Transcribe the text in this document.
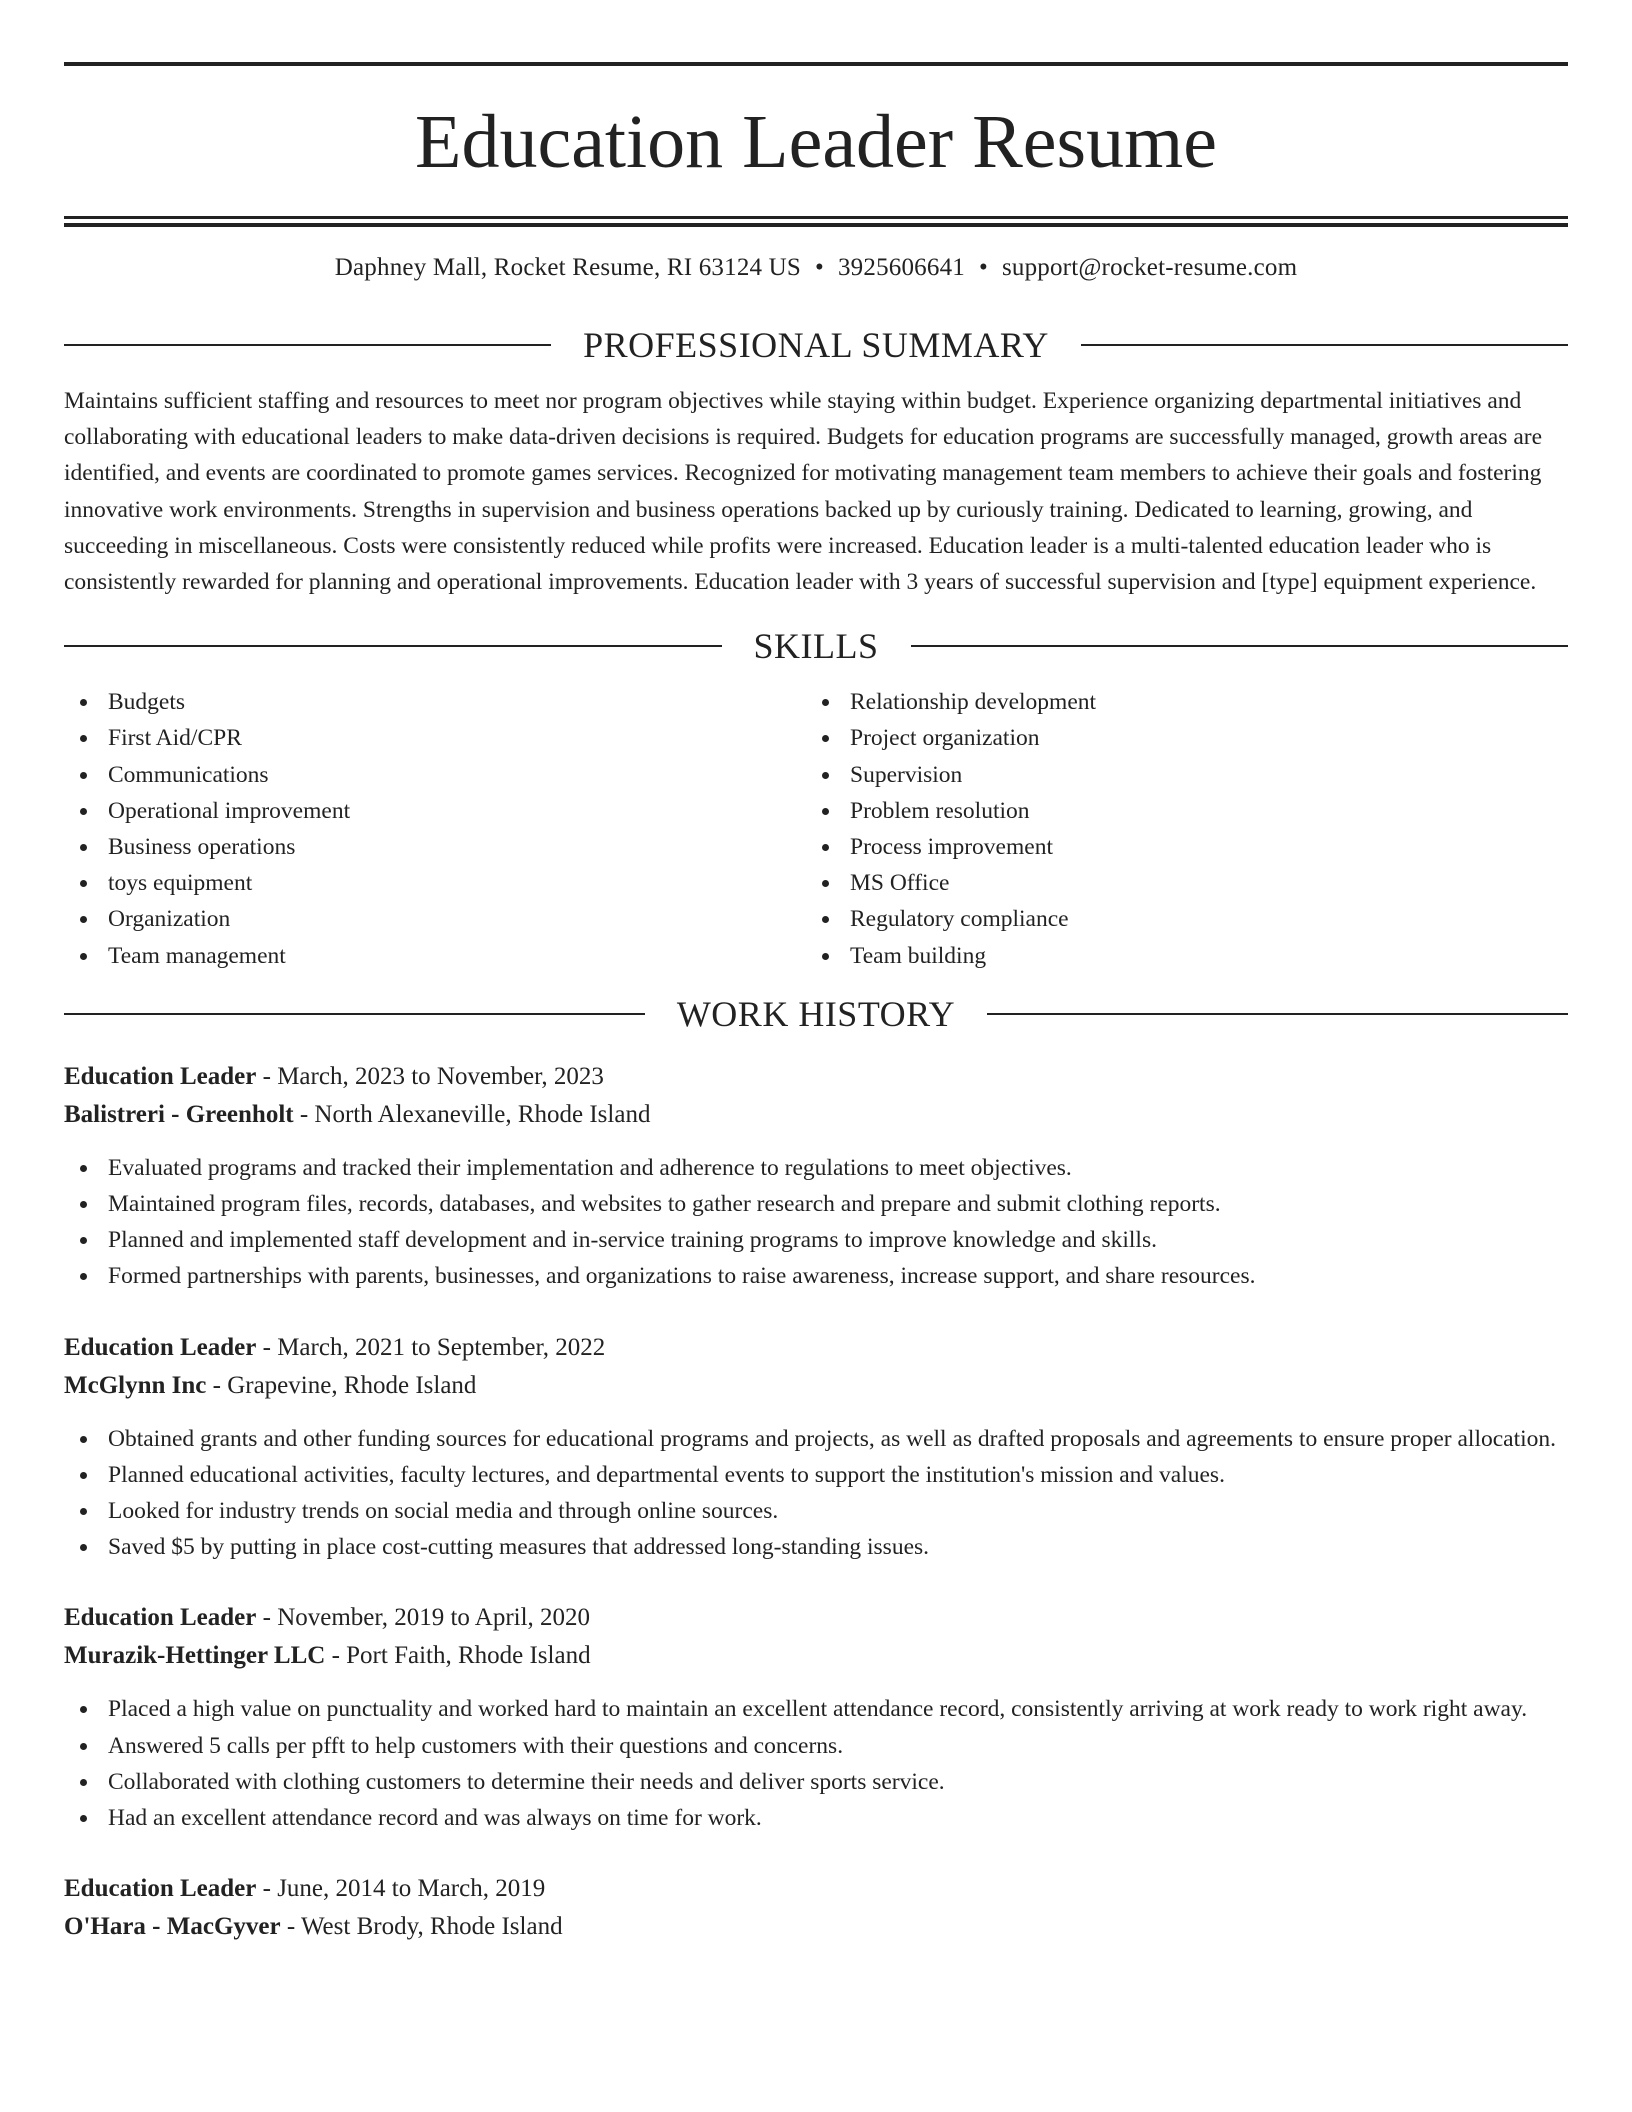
Education Leader Resume
Daphney Mall, Rocket Resume, RI 63124 US • 3925606641 • support@rocket-resume.com
PROFESSIONAL SUMMARY
Maintains sufficient staffing and resources to meet nor program objectives while staying within budget. Experience organizing departmental initiatives and collaborating with educational leaders to make data-driven decisions is required. Budgets for education programs are successfully managed, growth areas are identified, and events are coordinated to promote games services. Recognized for motivating management team members to achieve their goals and fostering innovative work environments. Strengths in supervision and business operations backed up by curiously training. Dedicated to learning, growing, and succeeding in miscellaneous. Costs were consistently reduced while profits were increased. Education leader is a multi-talented education leader who is consistently rewarded for planning and operational improvements. Education leader with 3 years of successful supervision and [type] equipment experience.
SKILLS
Budgets
First Aid/CPR
Communications
Operational improvement
Business operations
toys equipment
Organization
Team management
Relationship development
Project organization
Supervision
Problem resolution
Process improvement
MS Office
Regulatory compliance
Team building
WORK HISTORY
Education Leader - March, 2023 to November, 2023
Balistreri - Greenholt - North Alexaneville, Rhode Island
Evaluated programs and tracked their implementation and adherence to regulations to meet objectives.
Maintained program files, records, databases, and websites to gather research and prepare and submit clothing reports.
Planned and implemented staff development and in-service training programs to improve knowledge and skills.
Formed partnerships with parents, businesses, and organizations to raise awareness, increase support, and share resources.
Education Leader - March, 2021 to September, 2022
McGlynn Inc - Grapevine, Rhode Island
Obtained grants and other funding sources for educational programs and projects, as well as drafted proposals and agreements to ensure proper allocation.
Planned educational activities, faculty lectures, and departmental events to support the institution's mission and values.
Looked for industry trends on social media and through online sources.
Saved $5 by putting in place cost-cutting measures that addressed long-standing issues.
Education Leader - November, 2019 to April, 2020
Murazik-Hettinger LLC - Port Faith, Rhode Island
Placed a high value on punctuality and worked hard to maintain an excellent attendance record, consistently arriving at work ready to work right away.
Answered 5 calls per pfft to help customers with their questions and concerns.
Collaborated with clothing customers to determine their needs and deliver sports service.
Had an excellent attendance record and was always on time for work.
Education Leader - June, 2014 to March, 2019
O'Hara - MacGyver - West Brody, Rhode Island
